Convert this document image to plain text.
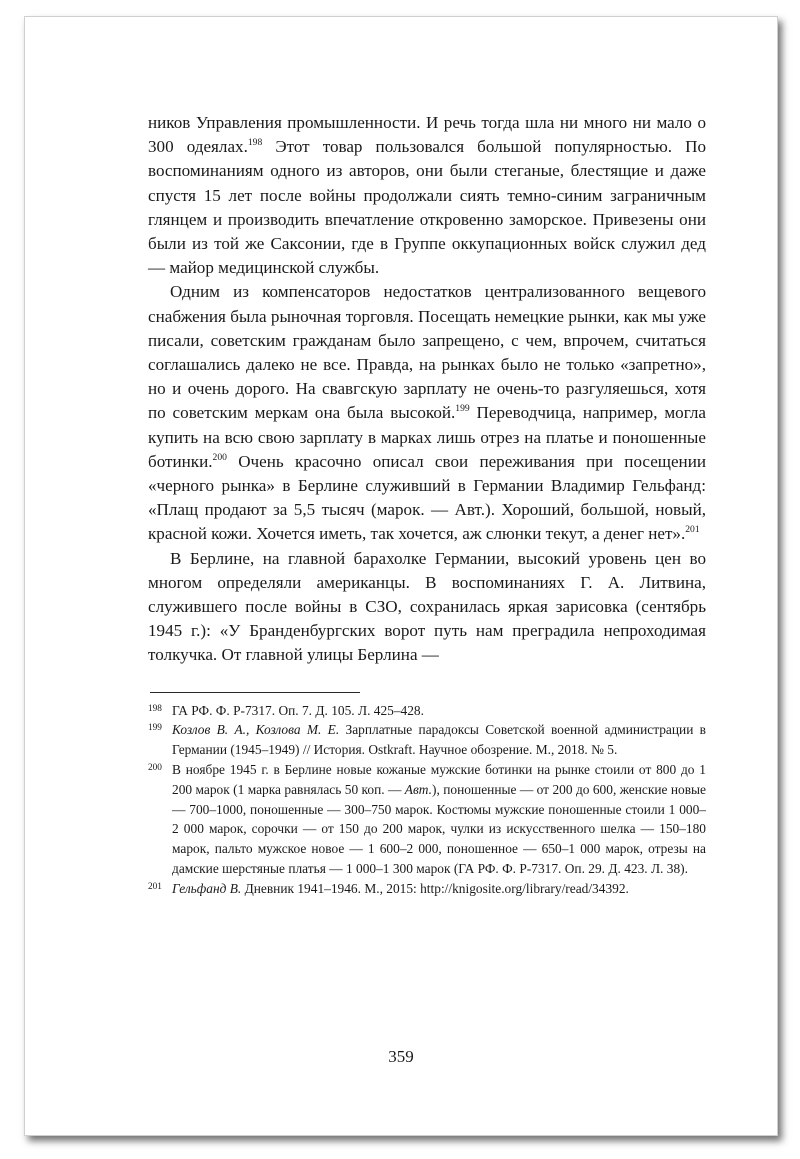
ников Управления промышленности. И речь тогда шла ни много ни мало о 300 одеялах.$^{198}$ Этот товар пользовался большой популярностью. По воспоминаниям одного из авторов, они были стеганые, блестящие и даже спустя 15 лет после войны продолжали сиять темно-синим заграничным глянцем и производить впечатление откровенно заморское. Привезены они были из той же Саксонии, где в Группе оккупационных войск служил дед — майор медицинской службы.

Одним из компенсаторов недостатков централизованного вещевого снабжения была рыночная торговля. Посещать немецкие рынки, как мы уже писали, советским гражданам было запрещено, с чем, впрочем, считаться соглашались далеко не все. Правда, на рынках было не только «запретно», но и очень дорого. На свавгскую зарплату не очень-то разгуляешься, хотя по советским меркам она была высокой.$^{199}$ Переводчица, например, могла купить на всю свою зарплату в марках лишь отрез на платье и поношенные ботинки.$^{200}$ Очень красочно описал свои переживания при посещении «черного рынка» в Берлине служивший в Германии Владимир Гельфанд: «Плащ продают за 5,5 тысяч (марок. — Авт.). Хороший, большой, новый, красной кожи. Хочется иметь, так хочется, аж слюнки текут, а денег нет».$^{201}$

В Берлине, на главной барахолке Германии, высокий уровень цен во многом определяли американцы. В воспоминаниях Г. А. Литвина, служившего после войны в СЗО, сохранилась яркая зарисовка (сентябрь 1945 г.): «У Бранденбургских ворот путь нам преградила непроходимая толкучка. От главной улицы Берлина —

198 ГА РФ. Ф. Р-7317. Оп. 7. Д. 105. Л. 425–428.
199 Козлов В. А., Козлова М. Е. Зарплатные парадоксы Советской военной администрации в Германии (1945–1949) // История. Oѕtkraft. Научное обозрение. М., 2018. № 5.
200 В ноябре 1945 г. в Берлине новые кожаные мужские ботинки на рынке стоили от 800 до 1 200 марок (1 марка равнялась 50 коп. — Авт.), поношенные — от 200 до 600, женские новые — 700–1000, поношенные — 300–750 марок. Костюмы мужские поношенные стоили 1 000–2 000 марок, сорочки — от 150 до 200 марок, чулки из искусственного шелка — 150–180 марок, пальто мужское новое — 1 600–2 000, поношенное — 650–1 000 марок, отрезы на дамские шерстяные платья — 1 000–1 300 марок (ГА РФ. Ф. Р-7317. Оп. 29. Д. 423. Л. 38).
201 Гельфанд В. Дневник 1941–1946. М., 2015: http://knigosite.org/library/read/34392.
359
